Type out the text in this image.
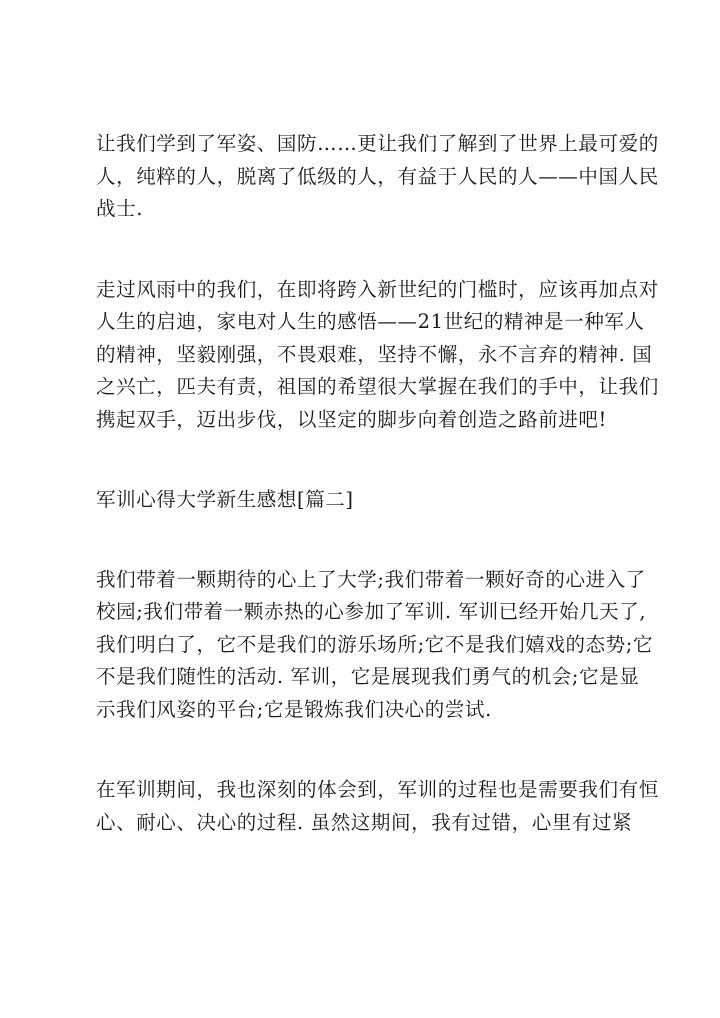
让我们学到了军姿、国防……更让我们了解到了世界上最可爱的
人，纯粹的人，脱离了低级的人，有益于人民的人——中国人民
战士.
走过风雨中的我们，在即将跨入新世纪的门槛时，应该再加点对
人生的启迪，家电对人生的感悟——21世纪的精神是一种军人
的精神，坚毅刚强，不畏艰难，坚持不懈，永不言弃的精神. 国
之兴亡，匹夫有责，祖国的希望很大掌握在我们的手中，让我们
携起双手，迈出步伐，以坚定的脚步向着创造之路前进吧!
军训心得大学新生感想[篇二]
我们带着一颗期待的心上了大学;我们带着一颗好奇的心进入了
校园;我们带着一颗赤热的心参加了军训. 军训已经开始几天了,
我们明白了，它不是我们的游乐场所;它不是我们嬉戏的态势;它
不是我们随性的活动. 军训，它是展现我们勇气的机会;它是显
示我们风姿的平台;它是锻炼我们决心的尝试.
在军训期间，我也深刻的体会到，军训的过程也是需要我们有恒
心、耐心、决心的过程. 虽然这期间，我有过错，心里有过紧
